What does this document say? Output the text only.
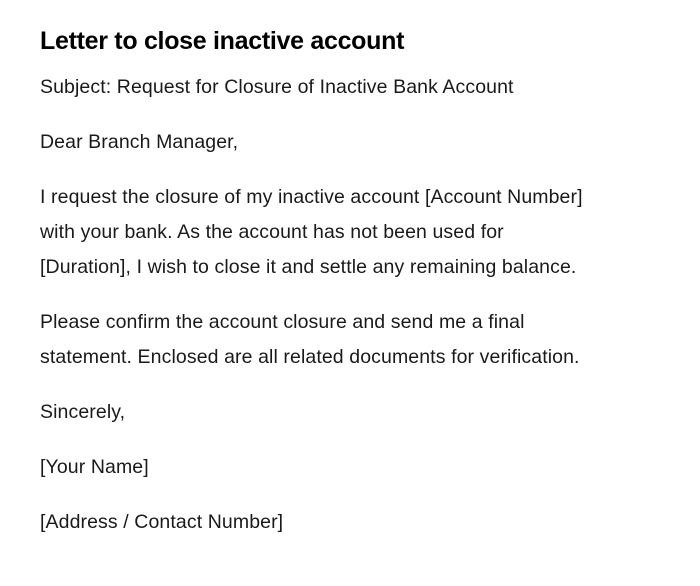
Letter to close inactive account

Subject: Request for Closure of Inactive Bank Account

Dear Branch Manager,

I request the closure of my inactive account [Account Number]

with your bank. As the account has not been used for

[Duration], I wish to close it and settle any remaining balance.

Please confirm the account closure and send me a final

statement. Enclosed are all related documents for verification.

Sincerely,

[Your Name]

[Address / Contact Number]
